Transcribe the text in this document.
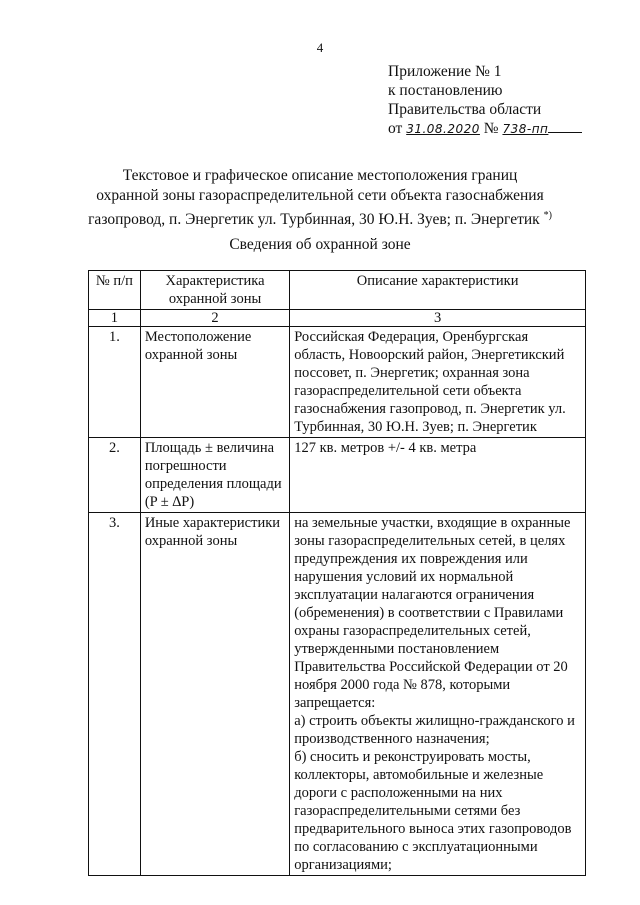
4
Приложение № 1
к постановлению
Правительства области
от 31.08.2020 № 738-пп
Текстовое и графическое описание местоположения границ
охранной зоны газораспределительной сети объекта газоснабжения
газопровод, п. Энергетик ул. Турбинная, 30 Ю.Н. Зуев; п. Энергетик *)
Сведения об охранной зоне
№ п/п	Характеристика охранной зоны	Описание характеристики
1	2	3
1.	Местоположение охранной зоны	Российская Федерация, Оренбургская область, Новоорский район, Энергетикский поссовет, п. Энергетик; охранная зона газораспределительной сети объекта газоснабжения газопровод, п. Энергетик ул. Турбинная, 30 Ю.Н. Зуев; п. Энергетик
2.	Площадь ± величина погрешности определения площади (P ± ∆P)	127 кв. метров +/- 4 кв. метра
3.	Иные характеристики охранной зоны	на земельные участки, входящие в охранные зоны газораспределительных сетей, в целях предупреждения их повреждения или нарушения условий их нормальной эксплуатации налагаются ограничения (обременения) в соответствии с Правилами охраны газораспределительных сетей, утвержденными постановлением Правительства Российской Федерации от 20 ноября 2000 года № 878, которыми запрещается:
а) строить объекты жилищно-гражданского и производственного назначения;
б) сносить и реконструировать мосты, коллекторы, автомобильные и железные дороги с расположенными на них газораспределительными сетями без предварительного выноса этих газопроводов по согласованию с эксплуатационными организациями;
